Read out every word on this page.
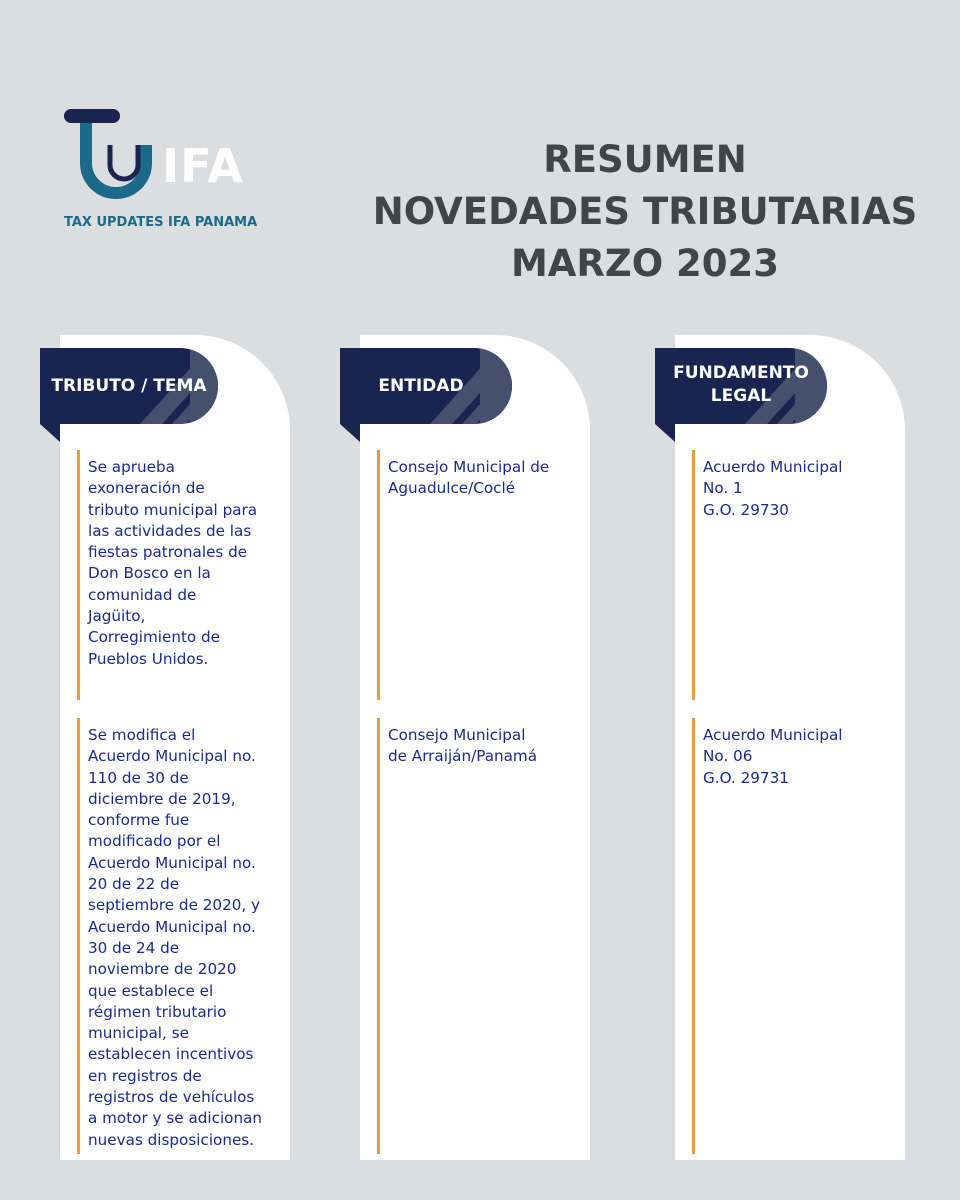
IFA
TAX UPDATES IFA PANAMA
RESUMEN
NOVEDADES TRIBUTARIAS
MARZO 2023
TRIBUTO / TEMA	ENTIDAD
FUNDAMENTO
LEGAL
Se aprueba
exoneración de
tributo municipal para
las actividades de las
fiestas patronales de
Don Bosco en la
comunidad de
Jagüito,
Corregimiento de
Pueblos Unidos.
Consejo Municipal de
Aguadulce/Coclé
Acuerdo Municipal
No. 1
G.O. 29730
Se modifica el
Acuerdo Municipal no.
110 de 30 de
diciembre de 2019,
conforme fue
modificado por el
Acuerdo Municipal no.
20 de 22 de
septiembre de 2020, y
Acuerdo Municipal no.
30 de 24 de
noviembre de 2020
que establece el
régimen tributario
municipal, se
establecen incentivos
en registros de
registros de vehículos
a motor y se adicionan
nuevas disposiciones.
Consejo Municipal
de Arraiján/Panamá
Acuerdo Municipal
No. 06
G.O. 29731
